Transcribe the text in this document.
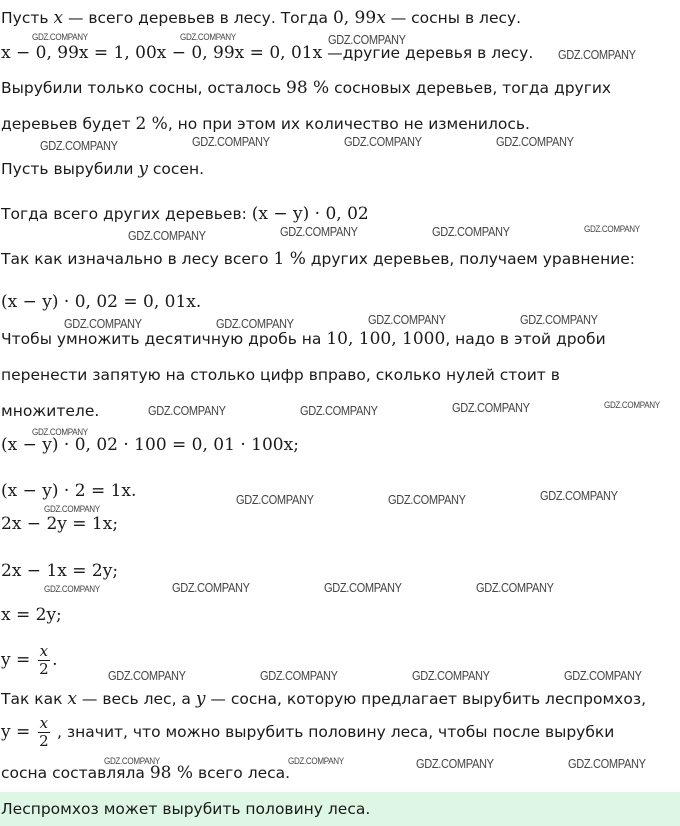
Пусть x — всего деревьев в лесу. Тогда 0, 99x — сосны в лесу.
x − 0, 99x = 1, 00x − 0, 99x = 0, 01x —другие деревья в лесу.
Вырубили только сосны, осталось 98 % сосновых деревьев, тогда других
деревьев будет 2 %, но при этом их количество не изменилось.
Пусть вырубили y сосен.
Тогда всего других деревьев: (x − y) · 0, 02
Так как изначально в лесу всего 1 % других деревьев, получаем уравнение:
(x − y) · 0, 02 = 0, 01x.
Чтобы умножить десятичную дробь на 10, 100, 1000, надо в этой дроби
перенести запятую на столько цифр вправо, сколько нулей стоит в
множителе.
(x − y) · 0, 02 · 100 = 0, 01 · 100x;
(x − y) · 2 = 1x.
2x − 2y = 1x;
2x − 1x = 2y;
x = 2y;
$y = \frac{x}{2}$ .
Так как x — весь лес, а y — сосна, которую предлагает вырубить леспромхоз,
$y = \frac{x}{2}$ , значит, что можно вырубить половину леса, чтобы после вырубки
сосна составляла 98 % всего леса.
Леспромхоз может вырубить половину леса.
GDZ.COMPANY	GDZ.COMPANY	GDZ.COMPANY
GDZ.COMPANY
GDZ.COMPANY	GDZ.COMPANY	GDZ.COMPANY	GDZ.COMPANY
GDZ.COMPANY	GDZ.COMPANY	GDZ.COMPANY	GDZ.COMPANY
GDZ.COMPANY	GDZ.COMPANY	GDZ.COMPANY	GDZ.COMPANY
GDZ.COMPANY	GDZ.COMPANY	GDZ.COMPANY	GDZ.COMPANY
GDZ.COMPANY
GDZ.COMPANY	GDZ.COMPANY	GDZ.COMPANY
GDZ.COMPANY
GDZ.COMPANY	GDZ.COMPANY	GDZ.COMPANY	GDZ.COMPANY
GDZ.COMPANY	GDZ.COMPANY	GDZ.COMPANY	GDZ.COMPANY
GDZ.COMPANY	GDZ.COMPANY	GDZ.COMPANY	GDZ.COMPANY
